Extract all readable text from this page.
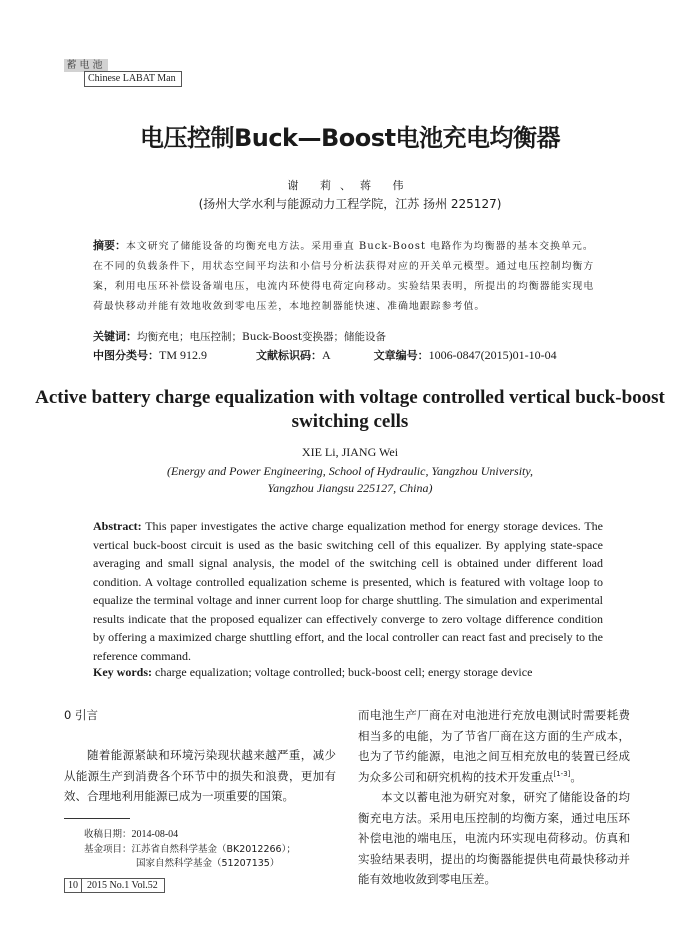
蓄电池
Chinese LABAT Man
电压控制Buck—Boost电池充电均衡器
谢 莉、蒋 伟
(扬州大学水利与能源动力工程学院，江苏 扬州 225127)
摘要：本文研究了储能设备的均衡充电方法。采用垂直 Buck-Boost 电路作为均衡器的基本交换单元。在不同的负载条件下，用状态空间平均法和小信号分析法获得对应的开关单元模型。通过电压控制均衡方案，利用电压环补偿设备端电压，电流内环使得电荷定向移动。实验结果表明，所提出的均衡器能实现电荷最快移动并能有效地收敛到零电压差，本地控制器能快速、准确地跟踪参考值。
关键词：均衡充电；电压控制；Buck-Boost变换器；储能设备
中图分类号：TM 912.9	文献标识码：A	文章编号：1006-0847(2015)01-10-04
Active battery charge equalization with voltage controlled vertical buck-boost switching cells
XIE Li, JIANG Wei
(Energy and Power Engineering, School of Hydraulic, Yangzhou University,
Yangzhou Jiangsu 225127, China)
Abstract: This paper investigates the active charge equalization method for energy storage devices. The vertical buck-boost circuit is used as the basic switching cell of this equalizer. By applying state-space averaging and small signal analysis, the model of the switching cell is obtained under different load condition. A voltage controlled equalization scheme is presented, which is featured with voltage loop to equalize the terminal voltage and inner current loop for charge shuttling. The simulation and experimental results indicate that the proposed equalizer can effectively converge to zero voltage difference condition by offering a maximized charge shuttling effort, and the local controller can react fast and precisely to the reference command.
Key words: charge equalization; voltage controlled; buck-boost cell; energy storage device
0 引言

随着能源紧缺和环境污染现状越来越严重，减少从能源生产到消费各个环节中的损失和浪费，更加有效、合理地利用能源已成为一项重要的国策。

而电池生产厂商在对电池进行充放电测试时需要耗费相当多的电能，为了节省厂商在这方面的生产成本，也为了节约能源，电池之间互相充放电的装置已经成为众多公司和研究机构的技术开发重点[1-3]。

本文以蓄电池为研究对象，研究了储能设备的均衡充电方法。采用电压控制的均衡方案，通过电压环补偿电池的端电压，电流内环实现电荷移动。仿真和实验结果表明，提出的均衡器能提供电荷最快移动并能有效地收敛到零电压差。

收稿日期：2014-08-04
基金项目：江苏省自然科学基金（BK2012266）；
国家自然科学基金（51207135）
10 2015 No.1 Vol.52
